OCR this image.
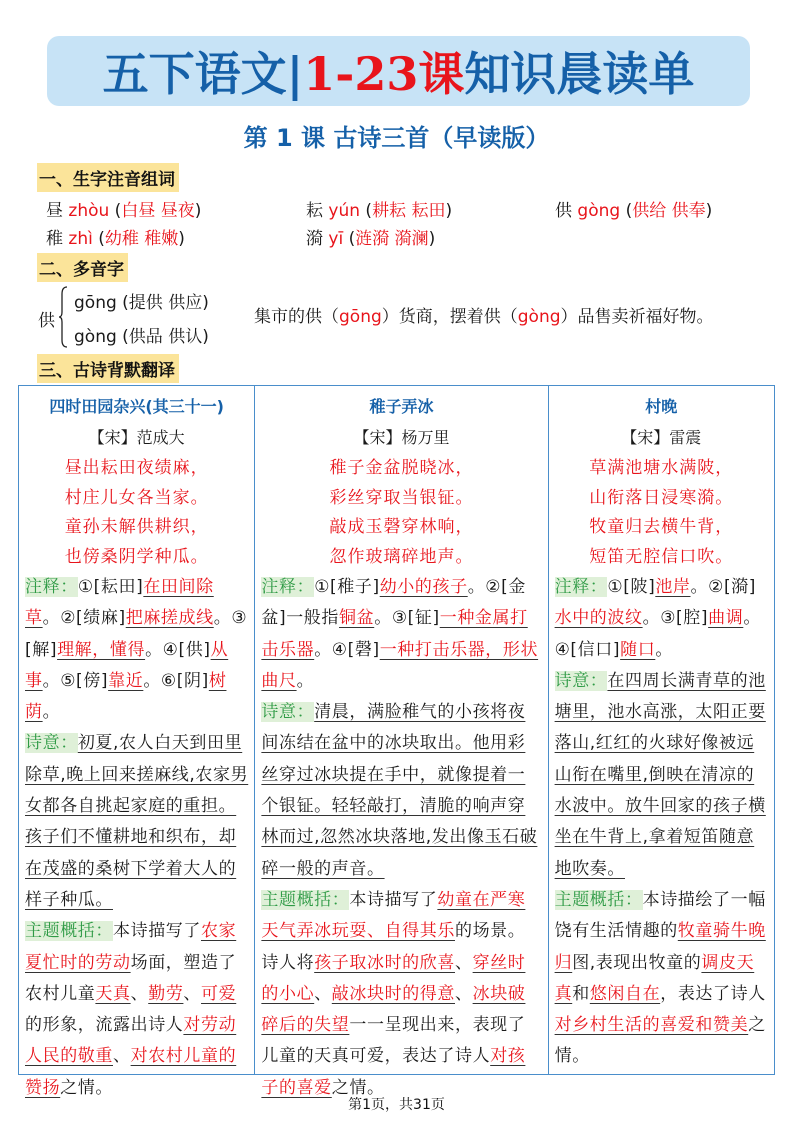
五下语文|1-23课知识晨读单
第 1 课 古诗三首（早读版）
一、生字注音组词
昼 zhòu (白昼 昼夜)	耘 yún (耕耘 耘田)	供 gòng (供给 供奉)
稚 zhì (幼稚 稚嫩)	漪 yī (涟漪 漪澜)
二、多音字
供
gōng (提供 供应)
gòng (供品 供认)
集市的供（gōng）货商，摆着供（gòng）品售卖祈福好物。
三、古诗背默翻译
四时田园杂兴(其三十一)
【宋】范成大
昼出耘田夜绩麻，
村庄儿女各当家。
童孙未解供耕织，
也傍桑阴学种瓜。
注释：①[耘田]在田间除草。②[绩麻]把麻搓成线。③[解]理解，懂得。④[供]从事。⑤[傍]靠近。⑥[阴]树荫。
诗意：初夏,农人白天到田里除草,晚上回来搓麻线,农家男女都各自挑起家庭的重担。孩子们不懂耕地和织布，却在茂盛的桑树下学着大人的样子种瓜。
主题概括：本诗描写了农家夏忙时的劳动场面，塑造了农村儿童天真、勤劳、可爱的形象，流露出诗人对劳动人民的敬重、对农村儿童的赞扬之情。
稚子弄冰
【宋】杨万里
稚子金盆脱晓冰，
彩丝穿取当银钲。
敲成玉磬穿林响，
忽作玻璃碎地声。
注释：①[稚子]幼小的孩子。②[金盆]一般指铜盆。③[钲]一种金属打击乐器。④[磬]一种打击乐器，形状曲尺。
诗意：清晨，满脸稚气的小孩将夜间冻结在盆中的冰块取出。他用彩丝穿过冰块提在手中，就像提着一个银钲。轻轻敲打，清脆的响声穿林而过,忽然冰块落地,发出像玉石破碎一般的声音。
主题概括：本诗描写了幼童在严寒天气弄冰玩耍、自得其乐的场景。诗人将孩子取冰时的欣喜、穿丝时的小心、敲冰块时的得意、冰块破碎后的失望一一呈现出来，表现了儿童的天真可爱，表达了诗人对孩子的喜爱之情。
村晚
【宋】雷震
草满池塘水满陂，
山衔落日浸寒漪。
牧童归去横牛背，
短笛无腔信口吹。
注释：①[陂]池岸。②[漪]水中的波纹。③[腔]曲调。④[信口]随口。
诗意：在四周长满青草的池塘里，池水高涨，太阳正要落山,红红的火球好像被远山衔在嘴里,倒映在清凉的水波中。放牛回家的孩子横坐在牛背上,拿着短笛随意地吹奏。
主题概括：本诗描绘了一幅饶有生活情趣的牧童骑牛晚归图,表现出牧童的调皮天真和悠闲自在，表达了诗人对乡村生活的喜爱和赞美之情。
第1页，共31页
